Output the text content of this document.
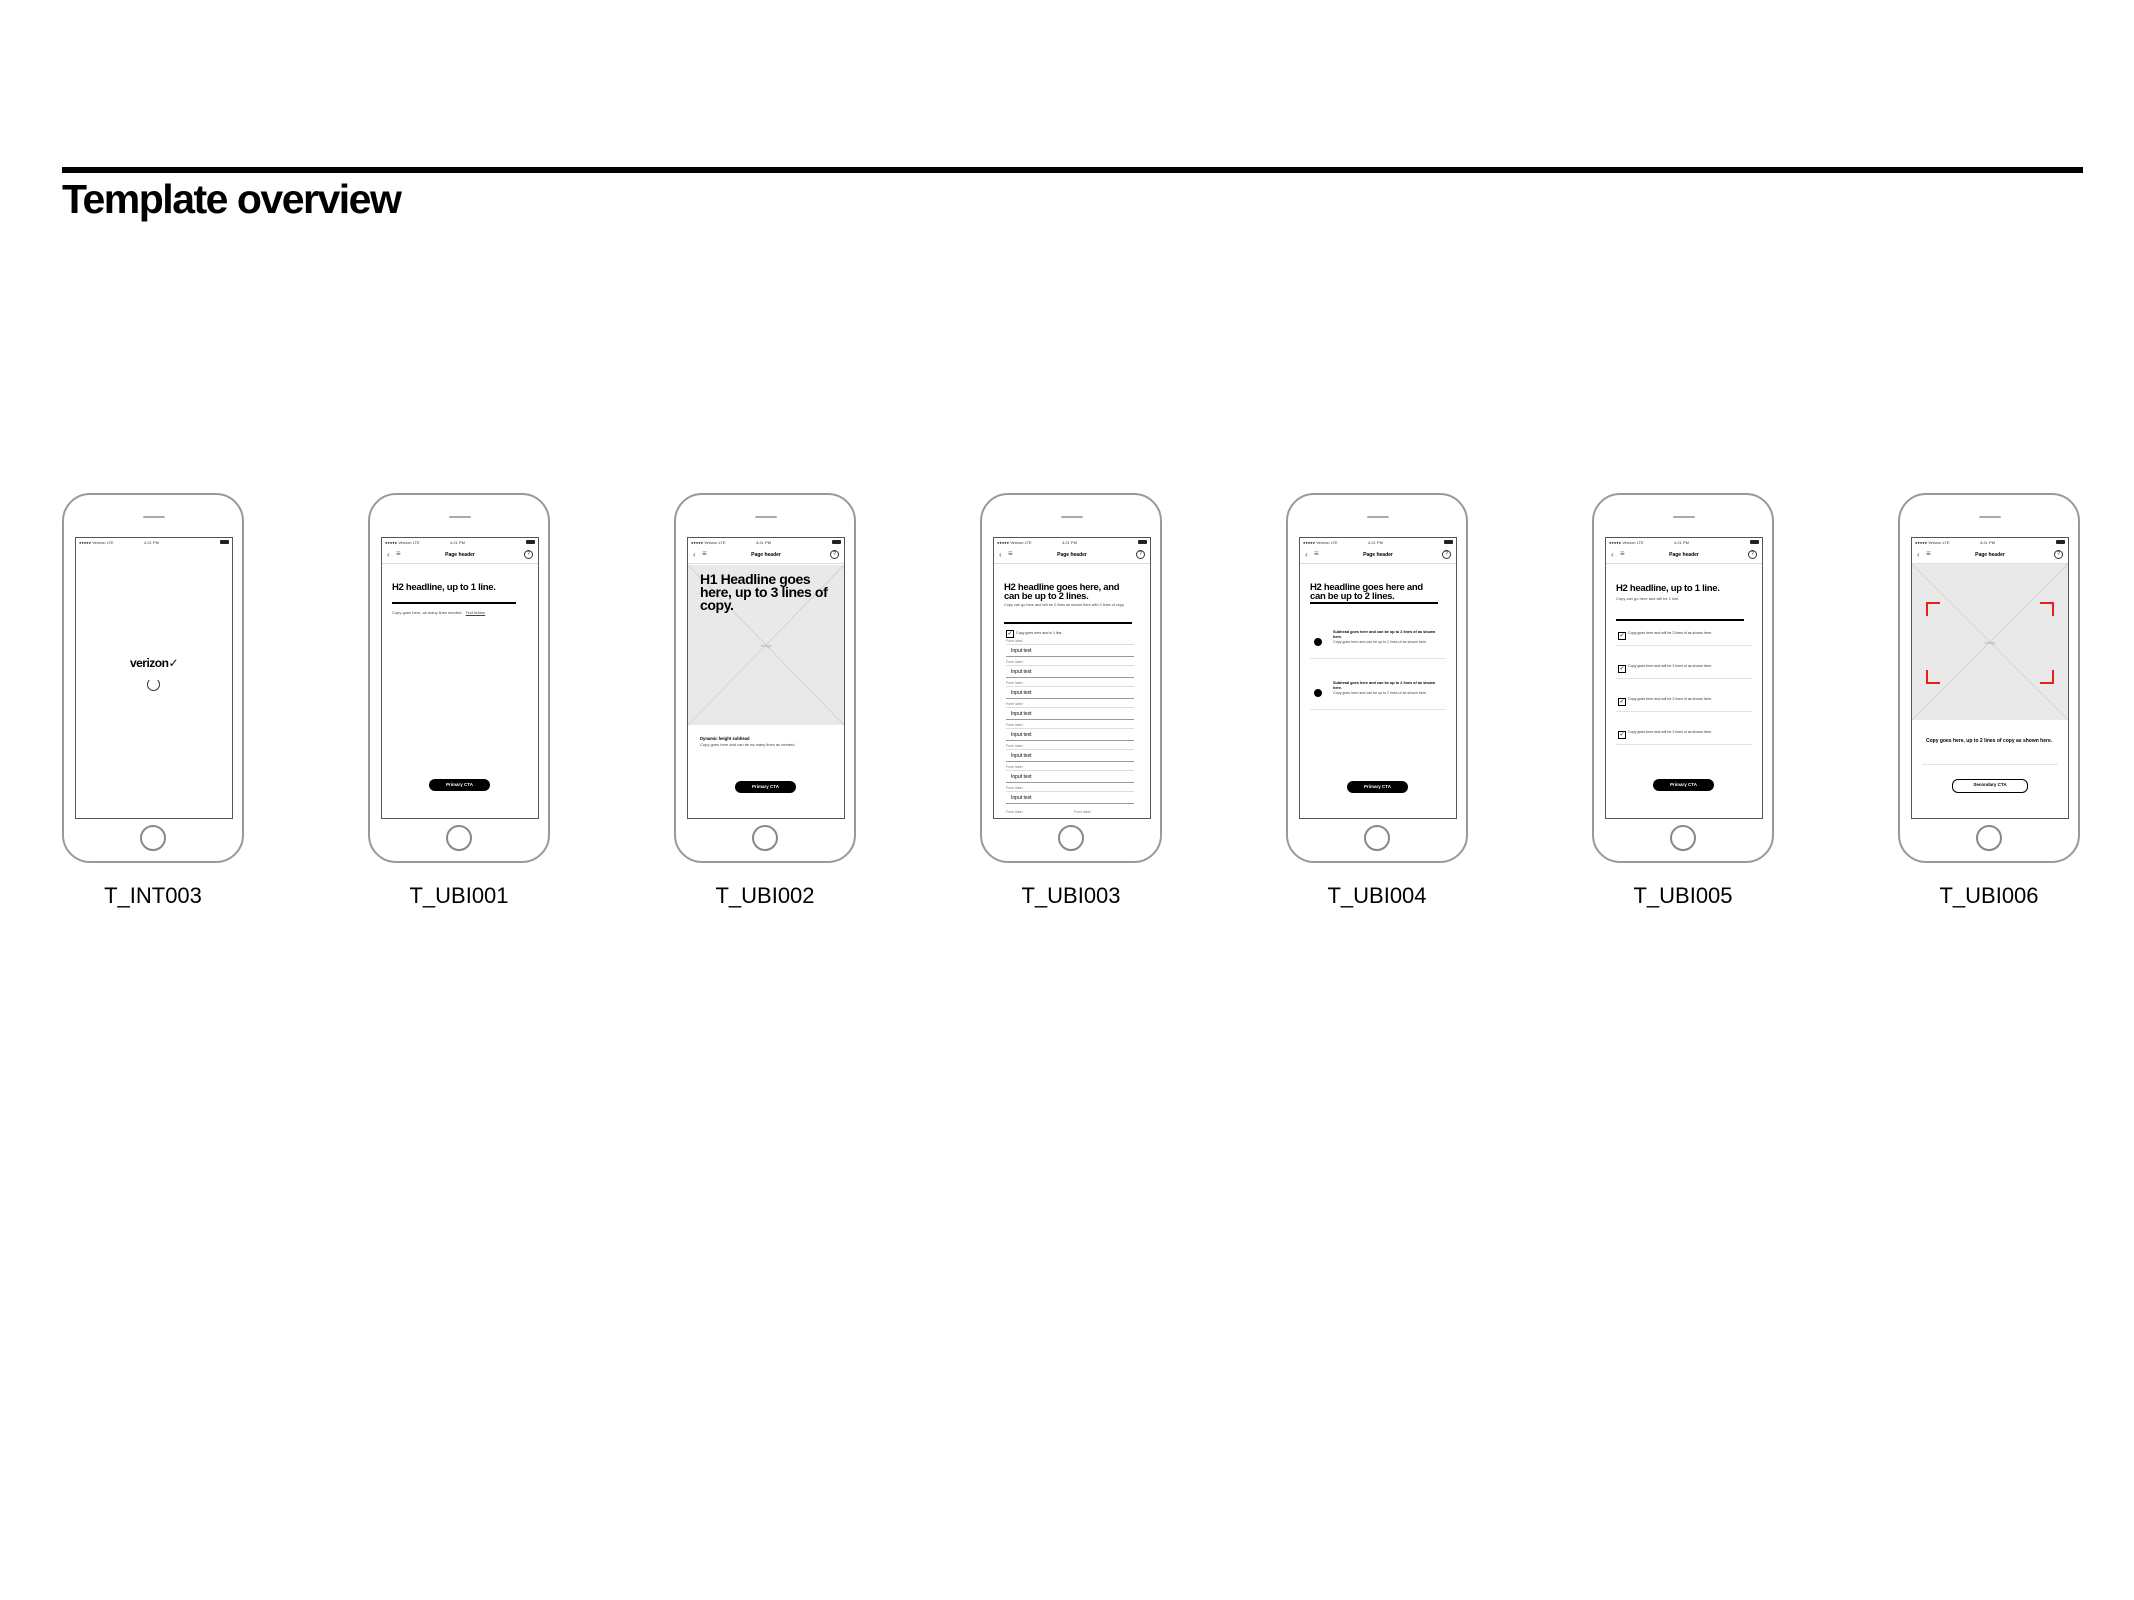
Template overview
●●●●● Verizon LTE	4:21 PM
verizon✓
T_INT003
●●●●● Verizon LTE	4:21 PM
‹ ≡	Page header	?
H2 headline, up to 1 line.
Copy goes here, as many lines needed. Text button
Primary CTA
T_UBI001
●●●●● Verizon LTE	4:21 PM
‹ ≡	Page header	?
Image
H1 Headline goes here, up to 3 lines of copy.
Dynamic height subhead
Copy goes here and can be as many lines as needed.
Primary CTA
T_UBI002
●●●●● Verizon LTE	4:21 PM
‹ ≡	Page header	?
H2 headline goes here, and can be up to 2 lines.
Copy can go here and will be 2 lines as shown here with 2 lines of copy.
✓ Copy goes here and is 1 line.
Form label
Input text
Form label
Input text
Form label
Input text
Form label
Input text
Form label
Input text
Form label
Input text
Form label
Input text
Form label
Input text
Form label	Form label
T_UBI003
●●●●● Verizon LTE	4:21 PM
‹ ≡	Page header	?
H2 headline goes here and can be up to 2 lines.
Subhead goes here and can be up to 2 lines of as shown here.
Copy goes here and can be up to 2 lines of as shown here.
Subhead goes here and can be up to 2 lines of as shown here.
Copy goes here and can be up to 2 lines of as shown here.
Primary CTA
T_UBI004
●●●●● Verizon LTE	4:21 PM
‹ ≡	Page header	?
H2 headline, up to 1 line.
Copy can go here and will be 1 line.
✓ Copy goes here and will be 2 lines of as shown here.
✓ Copy goes here and will be 2 lines of as shown here.
✓ Copy goes here and will be 2 lines of as shown here.
✓ Copy goes here and will be 2 lines of as shown here.
Primary CTA
T_UBI005
●●●●● Verizon LTE	4:21 PM
‹ ≡	Page header	?
Image
Copy goes here, up to 2 lines of copy as shown here.
Secondary CTA
T_UBI006
